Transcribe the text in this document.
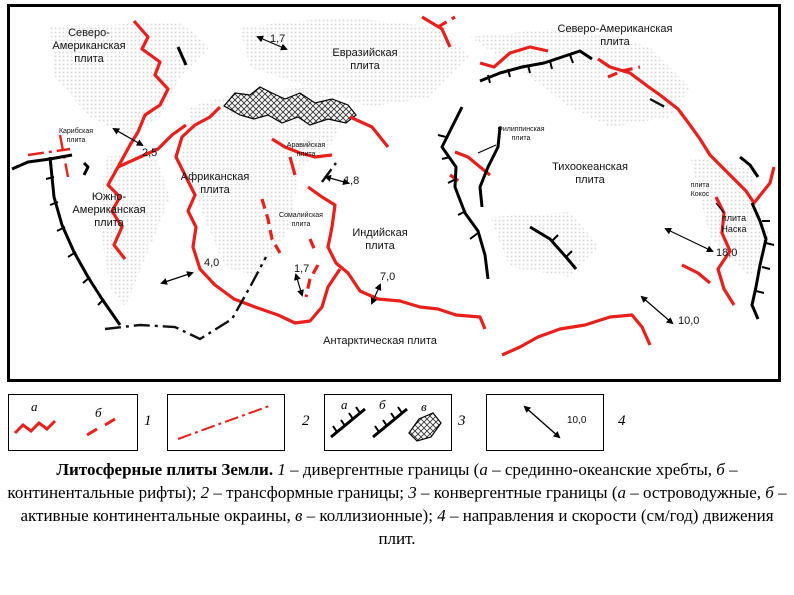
Северо-
Американская
плита	Евразийская
плита
Северо-Американская
плита
Карибская
плита
Аравийская
плита
Филиппинская
плита
Африканская
плита
Сомалийская
плита
Тихоокеанская
плита
Южно-
Американская
плита
Индийская
плита
плита
Кокос
плита
Наска
Антарктическая плита
1,7
2,5
1,8
4,0	1,7
7,0
18,0
10,0
а	б
1	2
а б	в
3	10,0 4
Литосферные плиты Земли. 1 – дивергентные границы (а – срединно-океанские хребты, б – континентальные рифты); 2 – трансформные границы; 3 – конвергентные границы (а – островодужные, б – активные континентальные окраины, в – коллизионные); 4 – направления и скорости (см/год) движения плит.
